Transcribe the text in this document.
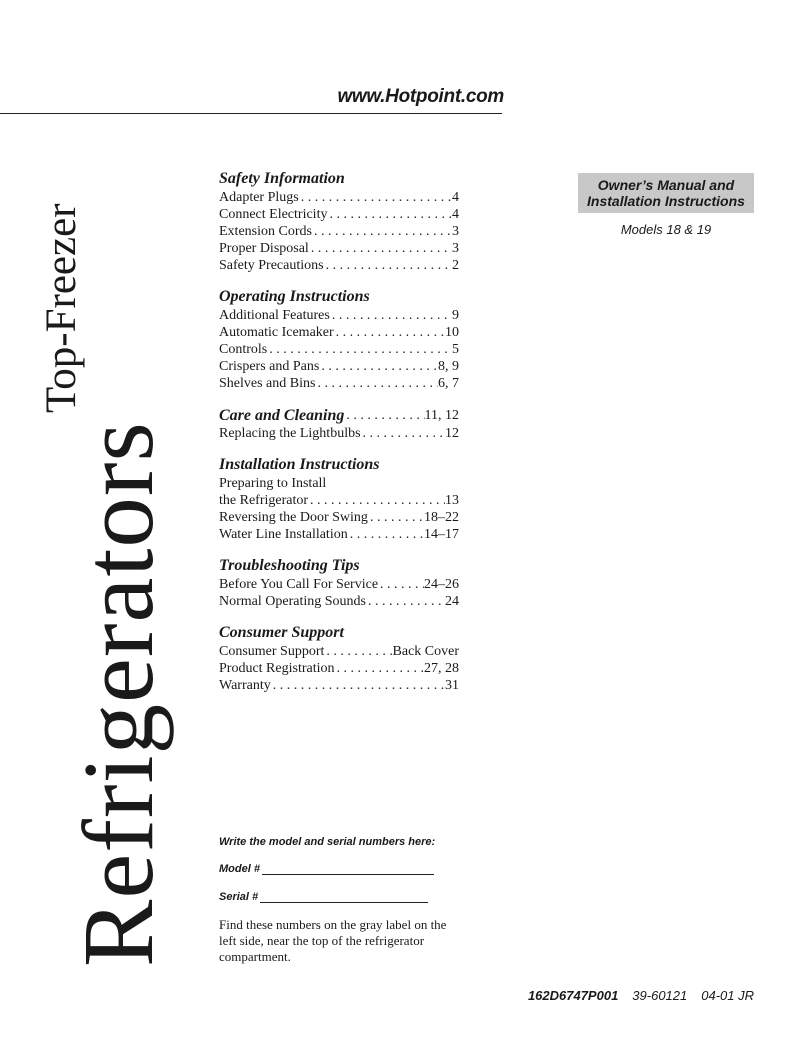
www.Hotpoint.com
Top-Freezer
Refrigerators
Safety Information
Adapter Plugs . . .	4
Connect Electricity . . .	4
Extension Cords . . .	3
Proper Disposal . . .	3
Safety Precautions . . .	2
Operating Instructions
Additional Features . . .	9
Automatic Icemaker . . .	10
Controls . . .	5
Crispers and Pans . . .	8, 9
Shelves and Bins . . .	6, 7
Care and Cleaning . . .	11, 12
Replacing the Lightbulbs . . .	12
Installation Instructions
Preparing to Install
the Refrigerator . . .	13
Reversing the Door Swing . . .	18–22
Water Line Installation . . .	14–17
Troubleshooting Tips
Before You Call For Service . . .	24–26
Normal Operating Sounds . . .	24
Consumer Support
Consumer Support . . .	Back Cover
Product Registration . . .	27, 28
Warranty . . .	31
Owner’s Manual and
Installation Instructions
Models 18 & 19
Write the model and serial numbers here:
Model #
Serial #
Find these numbers on the gray label on the left side, near the top of the refrigerator compartment.
162D6747P001 39-60121 04-01 JR
